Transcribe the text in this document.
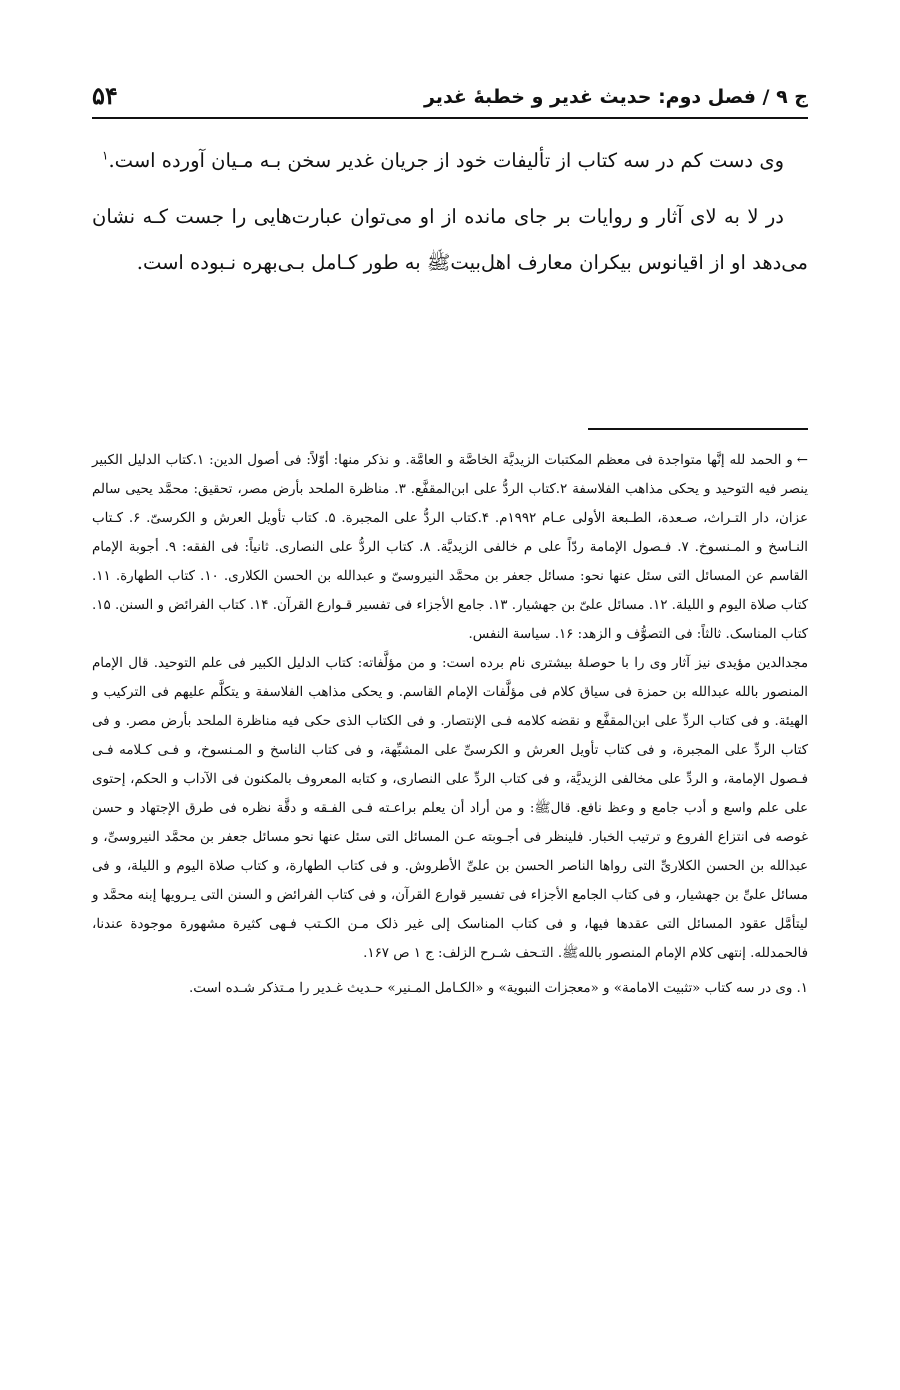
ج ۹ / فصل دوم: حدیث غدیر و خطبهٔ غدیر
۵۴

وی دست کم در سه کتاب از تألیفات خود از جریان غدیر سخن بـه مـیان آورده است.$^۱$

در لا به لای آثار و روایات بر جای مانده از او می‌توان عبارت‌هایی را جست کـه نشان می‌دهد او از اقیانوس بیکران معارف اهل‌بیت‏ﷺ به طور کـامل بـی‌بهره نـبوده است.

←و الحمد لله إنَّها متواجدة فی معظم المکتبات الزیدیَّة الخاصَّة و العامَّة. و نذکر منها: أوّلاً: فی أصول الدین: ١.کتاب الدلیل الکبیر ینصر فیه التوحید و یحکی مذاهب الفلاسفة ٢.کتاب الردُّ علی ابن‌المقفَّع. ٣. مناظرة الملحد بأرض مصر، تحقیق: محمَّد یحیی سالم عزان، دار التـراث، صـعدة، الطـبعة الأولی عـام ١٩٩٢م. ۴.کتاب الردُّ علی المجبرة. ۵. کتاب تأویل العرش و الکرسیّ. ۶. کـتاب النـاسخ و المـنسوخ. ٧. فـصول الإمامة ردّاً علی م خالفی الزیدیَّة. ٨. کتاب الردُّ علی النصاری. ثانیاً: فی الفقه: ٩. أجوبة الإمام القاسم عن المسائل التی سئل عنها نحو: مسائل جعفر بن محمَّد النیروسیّ و عبدالله بن الحسن الکلاری. ١٠. کتاب الطهارة. ١١. کتاب صلاة الیوم و اللیلة. ١٢. مسائل علیّ بن جهشیار. ١٣. جامع الأجزاء فی تفسیر قـوارع القرآن. ١۴. کتاب الفرائض و السنن. ١۵. کتاب المناسک. ثالثاً: فی التصوُّف و الزهد: ١۶. سیاسة النفس.

مجدالدین مؤیدی نیز آثار وی را با حوصلهٔ بیشتری نام برده است: و من مؤلَّفاته: کتاب الدلیل الکبیر فی علم التوحید. قال الإمام المنصور بالله عبدالله بن حمزة فی سیاق کلام فی مؤلَّفات الإمام القاسم. و یحکی مذاهب الفلاسفة و یتکلَّم علیهم فی الترکیب و الهیئة. و فی کتاب الردِّ علی ابن‌المقفَّع و نقضه کلامه فـی الإنتصار. و فی الکتاب الذی حکی فیه مناظرة الملحد بأرض مصر. و فی کتاب الردِّ علی المجبرة، و فی کتاب تأویل العرش و الکرسیِّ علی المشبِّهة، و فی کتاب الناسخ و المـنسوخ، و فـی کـلامه فـی فـصول الإمامة، و الردِّ علی مخالفی الزیدیَّة، و فی کتاب الردِّ علی النصاری، و کتابه المعروف بالمکنون فی الآداب و الحکم، إحتوی علی علم واسع و أدب جامع و وعظ نافع. قال‏ﷺ: و من أراد أن یعلم براعـته فـی الفـقه و دقَّة نظره فی طرق الإجتهاد و حسن غوصه فی انتزاع الفروع و ترتیب الخبار. فلینظر فی أجـوبته عـن المسائل التی سئل عنها نحو مسائل جعفر بن محمَّد النیروسیِّ، و عبدالله بن الحسن الکلاریِّ التی رواها الناصر الحسن بن علیِّ الأطروش. و فی کتاب الطهارة، و کتاب صلاة الیوم و اللیلة، و فی مسائل علیِّ بن جهشیار، و فی کتاب الجامع الأجزاء فی تفسیر قوارع القرآن، و فی کتاب الفرائض و السنن التی یـرویها إبنه محمَّد و لیتأمَّل عقود المسائل التی عقدها فیها، و فی کتاب المناسک إلی غیر ذلک مـن الکـتب فـهی کثیرة مشهورة موجودة عندنا، فالحمدلله. إنتهی کلام الإمام المنصور بالله‏ﷺ. التـحف شـرح الزلف: ج ١ ص ١۶٧.

١. وی در سه کتاب «تثبیت الامامة» و «معجزات النبویة» و «الکـامل المـنیر» حـدیث غـدیر را مـتذکر شـده است.
